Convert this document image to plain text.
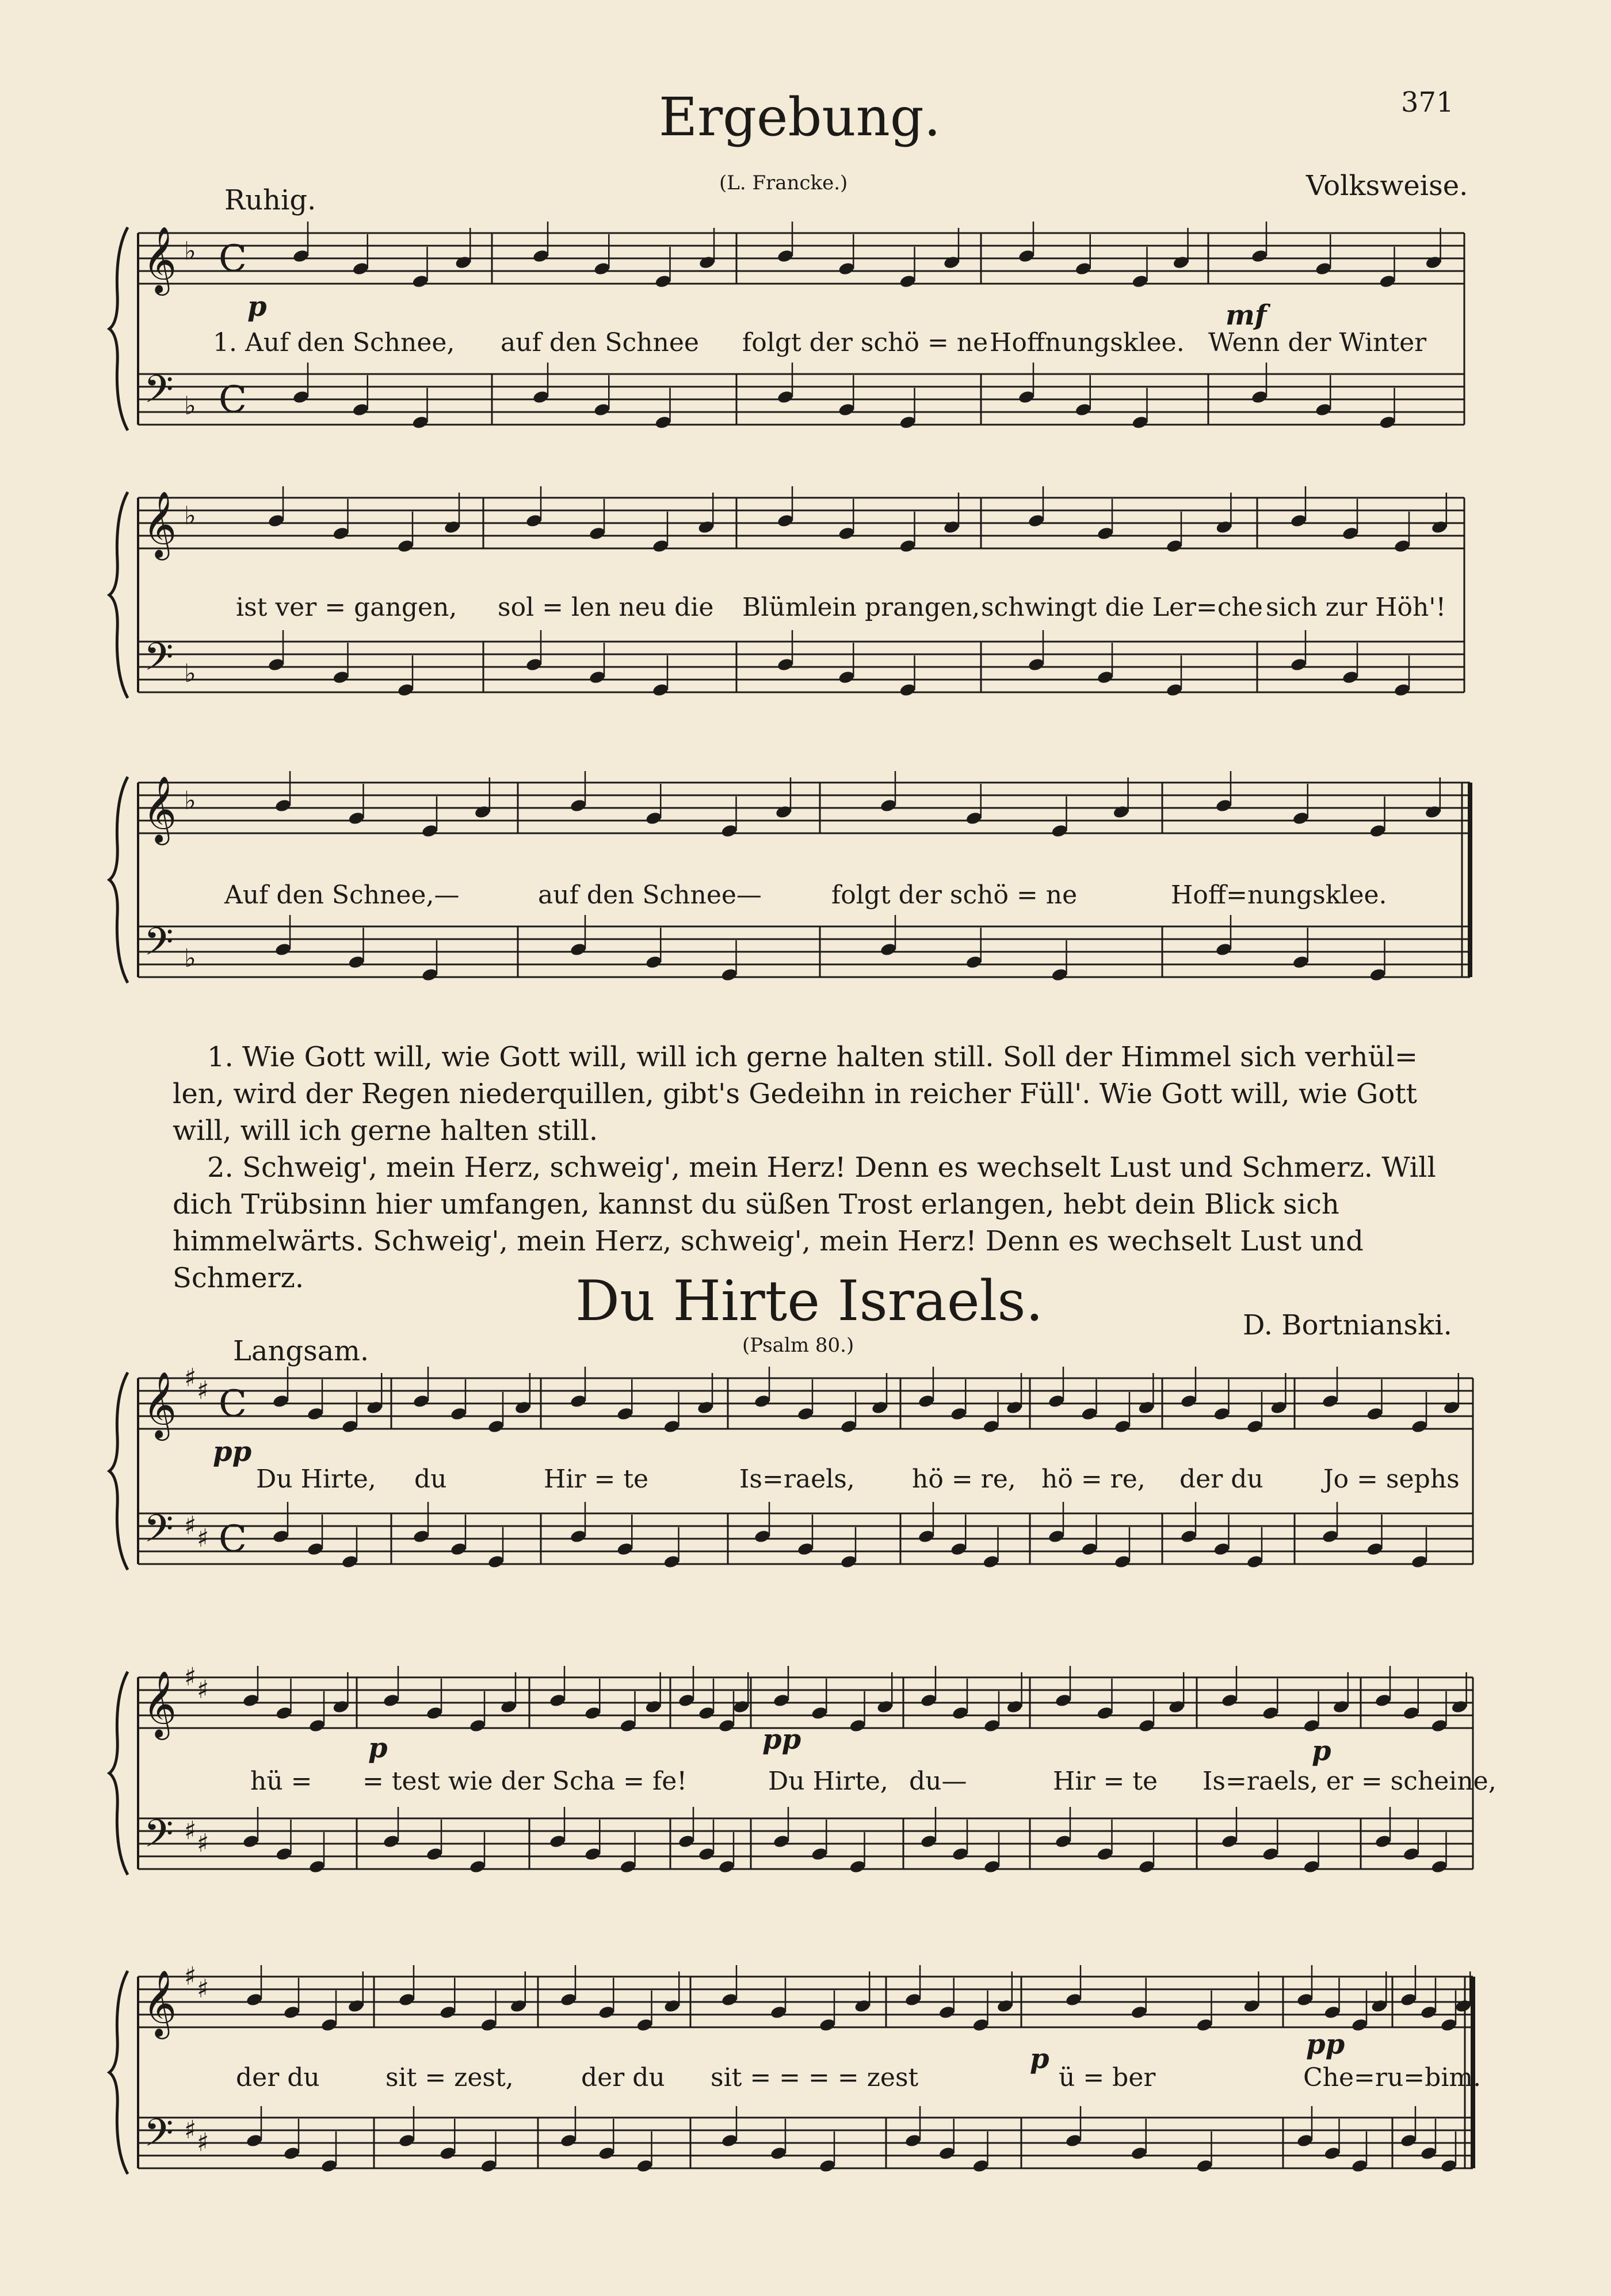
371
Ergebung.
(L. Francke.)
Ruhig.	Volksweise.
𝄞
𝄢
♭
♭
C
C
𝄞
𝄢
♭
♭
𝄞
𝄢
♭
♭
𝄞
𝄢
♯
♯
♯
♯
C
C
𝄞
𝄢
♯
♯
♯
♯
𝄞
𝄢
♯
♯
♯
♯
1. Auf den Schnee, auf den Schnee folgt der schö = ne Hoffnungsklee. Wenn der Winter
p	mf
ist ver = gangen, sol = len neu die Blümlein prangen, schwingt die Ler=che sich zur Höh'!
Auf den Schnee,—	auf den Schnee—	folgt der schö = ne	Hoff=nungsklee.

1. Wie Gott will, wie Gott will, will ich gerne halten still. Soll der Himmel sich verhül= len, wird der Regen niederquillen, gibt's Gedeihn in reicher Füll'. Wie Gott will, wie Gott will, will ich gerne halten still.

2. Schweig', mein Herz, schweig', mein Herz! Denn es wechselt Lust und Schmerz. Will dich Trübsinn hier umfangen, kannst du süßen Trost erlangen, hebt dein Blick sich himmelwärts. Schweig', mein Herz, schweig', mein Herz! Denn es wechselt Lust und Schmerz.	Du Hirte Israels.
(Psalm 80.)
D. Bortnianski.
Langsam.
pp
p	pp	p
p	pp
Du Hirte, du	Hir = te	Is=raels, hö = re, hö = re, der du Jo = sephs
hü = = test wie der Scha = fe!	Du Hirte, du—	Hir = te Is=raels, er = scheine,
der du	sit = zest,	der du sit = = = = zest	ü = ber	Che=ru=bim.
